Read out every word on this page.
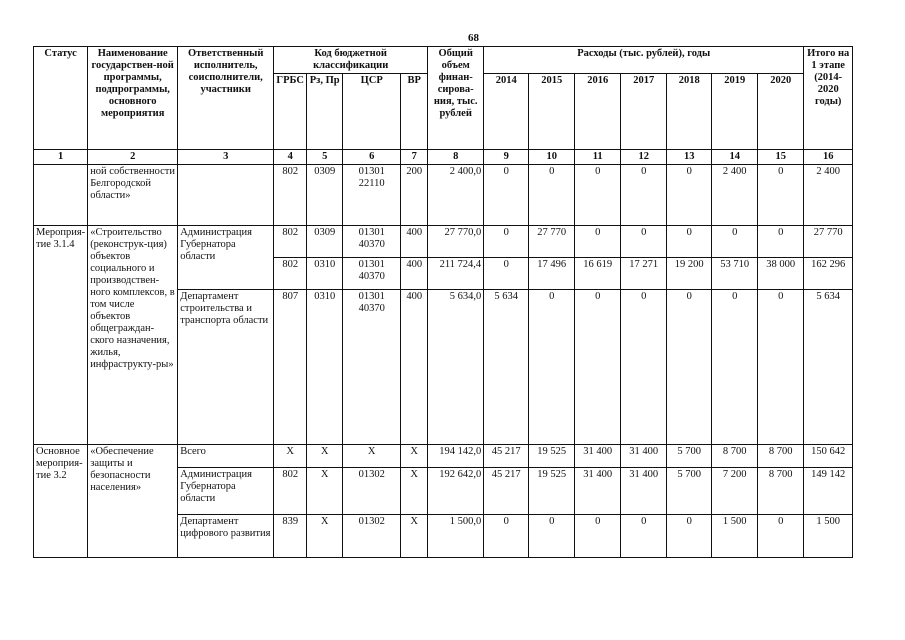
68
Статус	Наименование государствен-ной программы, подпрограммы, основного мероприятия	Ответственный исполнитель, соисполнители, участники	Код бюджетной классификации				Общий объем финан-сирова-ния, тыс. рублей	Расходы (тыс. рублей), годы							Итого на 1 этапе (2014-2020 годы)
			ГРБС	Рз, Пр	ЦСР	ВР		2014	2015	2016	2017	2018	2019	2020	
1	2	3	4	5	6	7	8	9	10	11	12	13	14	15	16
	ной собственности Белгородской области»		802	0309	01301 22110	200	2 400,0	0	0	0	0	0	2 400	0	2 400
Мероприя-тие 3.1.4	«Строительство (реконструк-ция) объектов социального и производствен-ного комплексов, в том числе объектов общеграждан-ского назначения, жилья, инфраструкту-ры»	Администрация Губернатора области	802	0309	01301 40370	400	27 770,0	0	27 770	0	0	0	0	0	27 770
			802	0310	01301 40370	400	211 724,4	0	17 496	16 619	17 271	19 200	53 710	38 000	162 296
		Департамент строительства и транспорта области	807	0310	01301 40370	400	5 634,0	5 634	0	0	0	0	0	0	5 634
Основное мероприя-тие 3.2	«Обеспечение защиты и безопасности населения»	Всего	X	X	X	X	194 142,0	45 217	19 525	31 400	31 400	5 700	8 700	8 700	150 642
		Администрация Губернатора области	802	X	01302	X	192 642,0	45 217	19 525	31 400	31 400	5 700	7 200	8 700	149 142
		Департамент цифрового развития	839	X	01302	X	1 500,0	0	0	0	0	0	1 500	0	1 500
